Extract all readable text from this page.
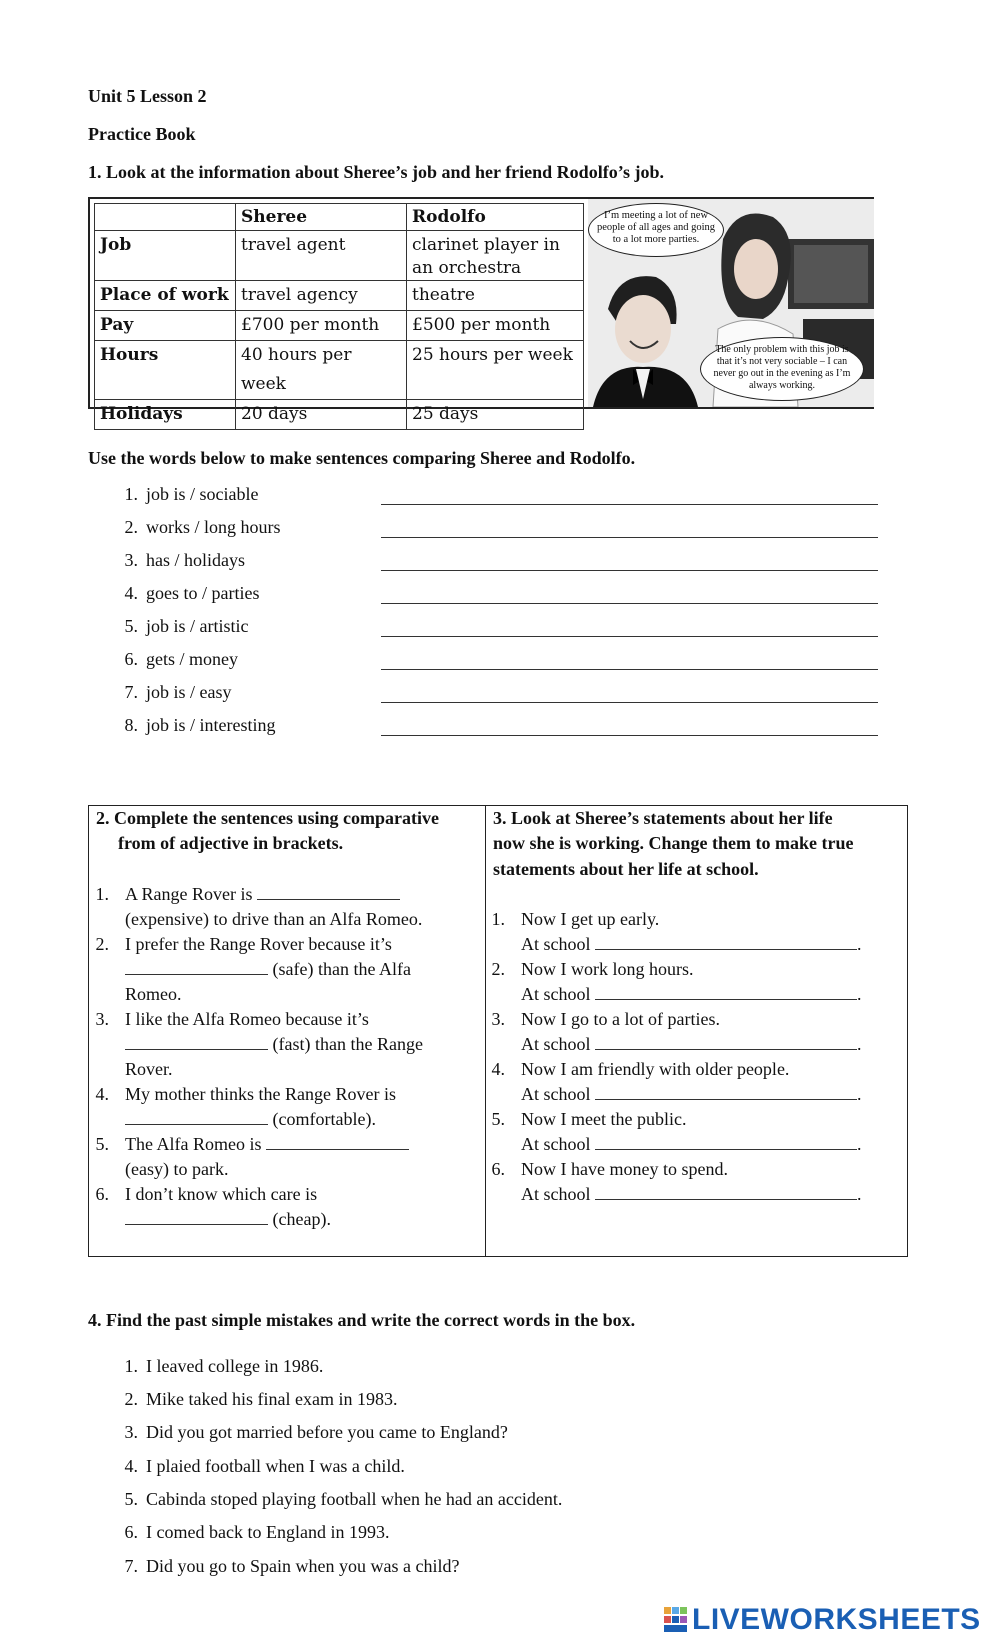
Unit 5 Lesson 2
Practice Book
1. Look at the information about Sheree’s job and her friend Rodolfo’s job.
	Sheree	Rodolfo
Job	travel agent	clarinet player in
an orchestra
Place of work	travel agency	theatre
Pay	£700 per month	£500 per month
Hours	40 hours per week	25 hours per week
Holidays	20 days	25 days
I’m meeting a lot of new people of all ages and going to a lot more parties.
The only problem with this job is that it’s not very sociable – I can never go out in the evening as I’m always working.
Use the words below to make sentences comparing Sheree and Rodolfo.
1. job is / sociable
2. works / long hours
3. has / holidays
4. goes to / parties
5. job is / artistic
6. gets / money
7. job is / easy
8. job is / interesting
2. Complete the sentences using comparative
from of adjective in brackets.
1. A Range Rover is
(expensive) to drive than an Alfa Romeo.
2. I prefer the Range Rover because it’s
(safe) than the Alfa
Romeo.
3. I like the Alfa Romeo because it’s
(fast) than the Range
Rover.
4. My mother thinks the Range Rover is
(comfortable).
5. The Alfa Romeo is
(easy) to park.
6. I don’t know which care is
(cheap).
3. Look at Sheree’s statements about her life
now she is working. Change them to make true
statements about her life at school.
1. Now I get up early.
At school	.
2. Now I work long hours.
At school	.
3. Now I go to a lot of parties.
At school	.
4. Now I am friendly with older people.
At school	.
5. Now I meet the public.
At school	.
6. Now I have money to spend.
At school	.
4. Find the past simple mistakes and write the correct words in the box.
1. I leaved college in 1986.
2. Mike taked his final exam in 1983.
3. Did you got married before you came to England?
4. I plaied football when I was a child.
5. Cabinda stoped playing football when he had an accident.
6. I comed back to England in 1993.
7. Did you go to Spain when you was a child?
LIVEWORKSHEETS
